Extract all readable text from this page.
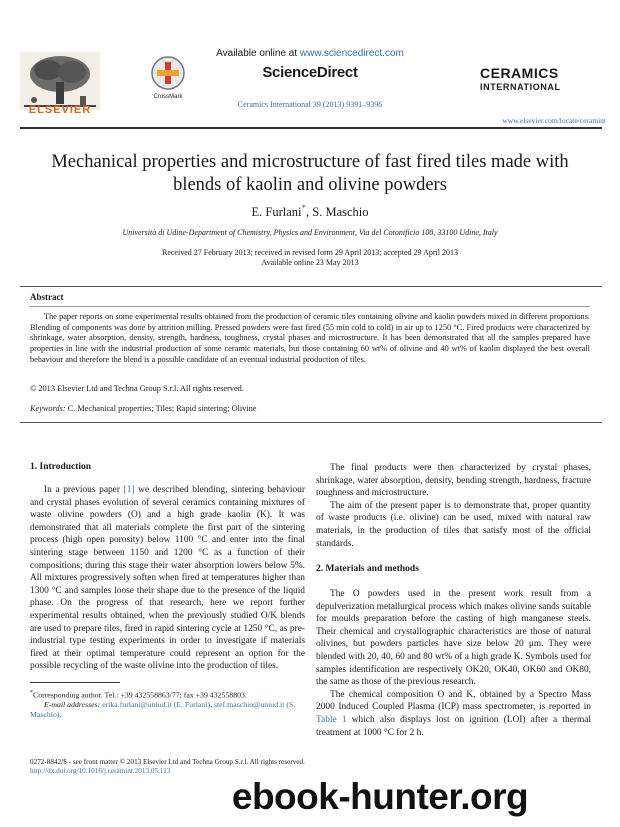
ELSEVIER
CrossMark
Available online at www.sciencedirect.com
ScienceDirect
Ceramics International 39 (2013) 9391–9396
CERAMICS
INTERNATIONAL
www.elsevier.com/locate/ceramint
Mechanical properties and microstructure of fast fired tiles made with blends of kaolin and olivine powders
E. Furlani*, S. Maschio
Università di Udine-Department of Chemistry, Physics and Environment, Via del Cotonificio 108, 33100 Udine, Italy
Received 27 February 2013; received in revised form 29 April 2013; accepted 29 April 2013
Available online 23 May 2013
Abstract
The paper reports on some experimental results obtained from the production of ceramic tiles containing olivine and kaolin powders mixed in different proportions. Blending of components was done by attrition milling. Pressed powders were fast fired (55 min cold to cold) in air up to 1250 °C. Fired products were characterized by shrinkage, water absorption, density, strength, hardness, toughness, crystal phases and microstructure. It has been demonstrated that all the samples prepared have properties in line with the industrial production of some ceramic materials, but those containing 60 wt% of olivine and 40 wt% of kaolin displayed the best overall behaviour and therefore the blend is a possible candidate of an eventual industrial production of tiles.
© 2013 Elsevier Ltd and Techna Group S.r.l. All rights reserved.
Keywords: C. Mechanical properties; Tiles; Rapid sintering; Olivine
1. Introduction

In a previous paper [1] we described blending, sintering behaviour and crystal phases evolution of several ceramics containing mixtures of waste olivine powders (O) and a high grade kaolin (K). It was demonstrated that all materials complete the first part of the sintering process (high open porosity) below 1100 °C and enter into the final sintering stage between 1150 and 1200 °C as a function of their compositions; during this stage their water absorption lowers below 5%. All mixtures progressively soften when fired at temperatures higher than 1300 °C and samples loose their shape due to the presence of the liquid phase. On the progress of that research, here we report further experimental results obtained, when the previously studied O/K blends are used to prepare tiles, fired in rapid sintering cycle at 1250 °C, as pre-industrial type testing experiments in order to investigate if materials fired at their optimal temperature could represent an option for the possible recycling of the waste olivine into the production of tiles.

The final products were then characterized by crystal phases, shrinkage, water absorption, density, bending strength, hardness, fracture toughness and microstructure.

The aim of the present paper is to demonstrate that, proper quantity of waste products (i.e. olivine) can be used, mixed with natural raw materials, in the production of tiles that satisfy most of the official standards.

2. Materials and methods

The O powders used in the present work result from a depulverization metallurgical process which makes olivine sands suitable for moulds preparation before the casting of high manganese steels. Their chemical and crystallographic characteristics are those of natural olivines, but powders particles have size below 20 μm. They were blended with 20, 40, 60 and 80 wt% of a high grade K. Symbols used for samples identification are respectively OK20, OK40, OK60 and OK80, the same as those of the previous research.

The chemical composition O and K, obtained by a Spectro Mass 2000 Induced Coupled Plasma (ICP) mass spectrometer, is reported in Table 1 which also displays lost on ignition (LOI) after a thermal treatment at 1000 °C for 2 h.

*Corresponding author. Tel.: +39 432558863/77; fax +39 432558803.
E-mail addresses: erika.furlani@uniud.it (E. Furlani), stef.maschio@uniud.it (S. Maschio).
0272-8842/$ - see front matter © 2013 Elsevier Ltd and Techna Group S.r.l. All rights reserved.
http://dx.doi.org/10.1016/j.ceramint.2013.05.113
ebook-hunter.org
